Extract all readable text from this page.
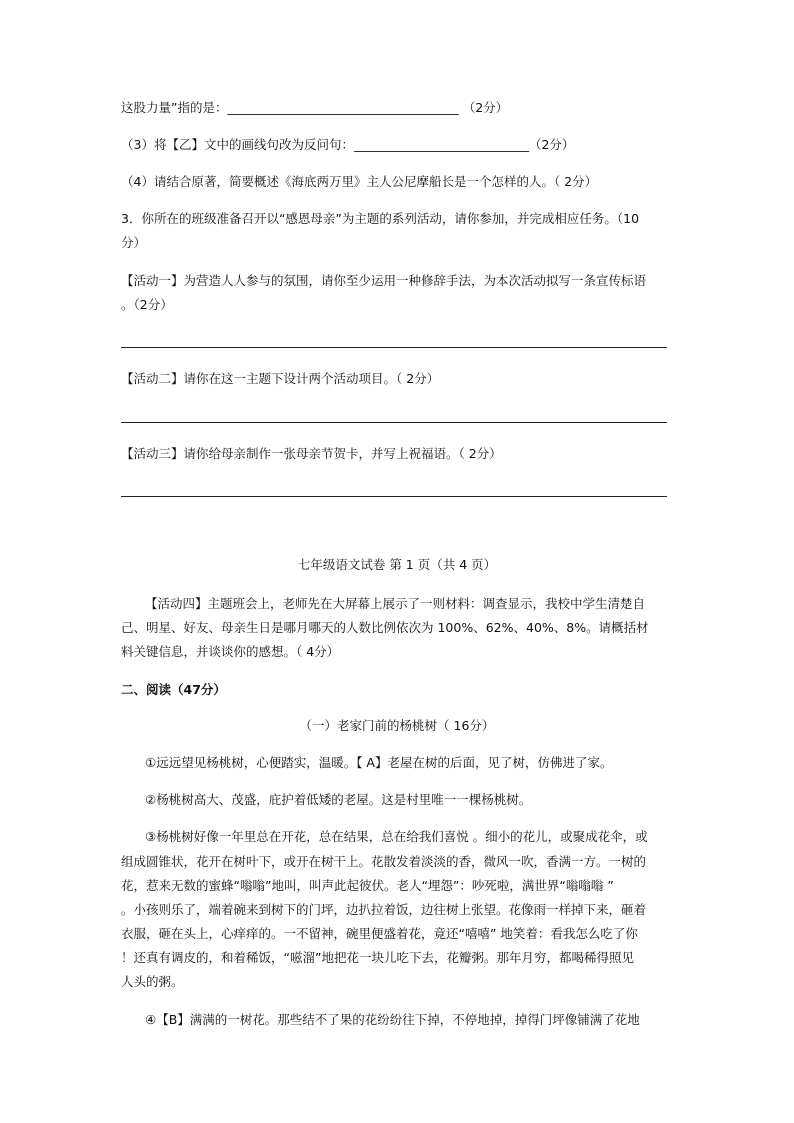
这股力量”指的是：_____________________________________ （2分）
（3）将【乙】文中的画线句改为反问句：____________________________（2分）
（4）请结合原著，简要概述《海底两万里》主人公尼摩船长是一个怎样的人。（ 2分）
3．你所在的班级准备召开以“感恩母亲”为主题的系列活动，请你参加，并完成相应任务。（10
分）
【活动一】为营造人人参与的氛围，请你至少运用一种修辞手法，为本次活动拟写一条宣传标语
。（2分）
【活动二】请你在这一主题下设计两个活动项目。（ 2分）
【活动三】请你给母亲制作一张母亲节贺卡，并写上祝福语。（ 2分）
七年级语文试卷 第 1 页（共 4 页）
【活动四】主题班会上，老师先在大屏幕上展示了一则材料：调查显示，我校中学生清楚自
己、明星、好友、母亲生日是哪月哪天的人数比例依次为 100%、62%、40%、8%。请概括材
料关键信息，并谈谈你的感想。（ 4分）
二、阅读（47分）
（一）老家门前的杨桃树（ 16分）
①远远望见杨桃树，心便踏实，温暖。【 A】老屋在树的后面，见了树，仿佛进了家。
②杨桃树高大、茂盛，庇护着低矮的老屋。这是村里唯一一棵杨桃树。
③杨桃树好像一年里总在开花，总在结果，总在给我们喜悦 。细小的花儿，或聚成花伞，或
组成圆锥状，花开在树叶下，或开在树干上。花散发着淡淡的香，微风一吹，香满一方。一树的
花，惹来无数的蜜蜂“嗡嗡”地叫，叫声此起彼伏。老人“埋怨”：吵死啦，满世界“嗡嗡嗡 ”
。小孩则乐了，端着碗来到树下的门坪，边扒拉着饭，边往树上张望。花像雨一样掉下来，砸着
衣服，砸在头上，心痒痒的。一不留神，碗里便盛着花，竟还“嘻嘻” 地笑着：看我怎么吃了你
！还真有调皮的，和着稀饭，“嗞溜”地把花一块儿吃下去，花瓣粥。那年月穷，都喝稀得照见
人头的粥。
④【B】满满的一树花。那些结不了果的花纷纷往下掉，不停地掉，掉得门坪像铺满了花地
